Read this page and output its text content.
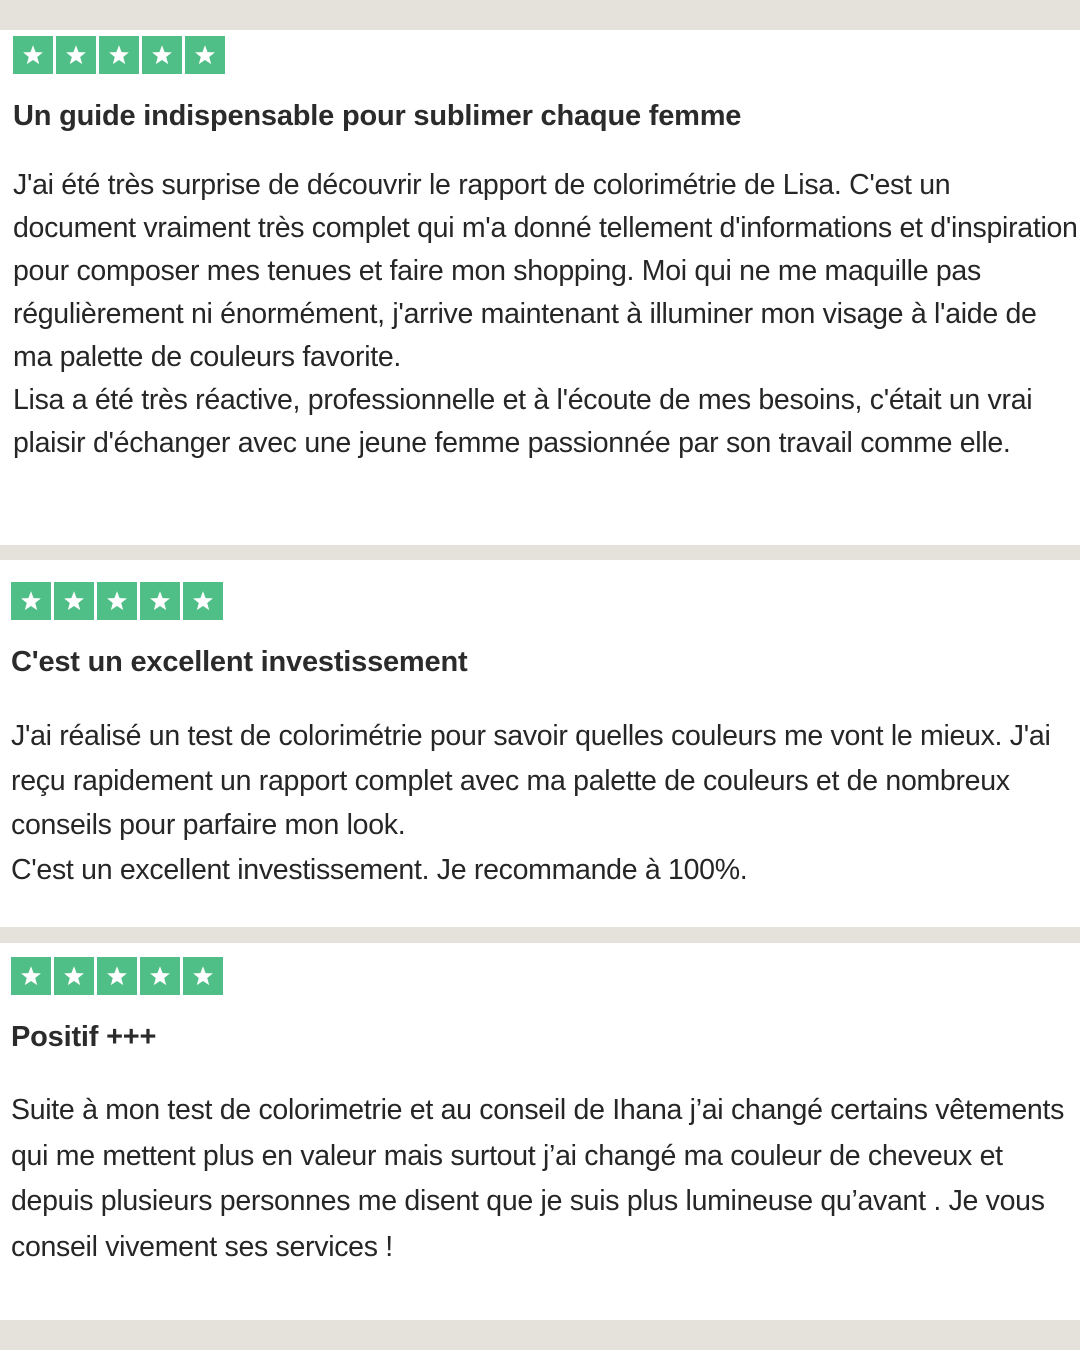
Un guide indispensable pour sublimer chaque femme

J'ai été très surprise de découvrir le rapport de colorimétrie de Lisa. C'est un document vraiment très complet qui m'a donné tellement d'informations et d'inspiration pour composer mes tenues et faire mon shopping. Moi qui ne me maquille pas régulièrement ni énormément, j'arrive maintenant à illuminer mon visage à l'aide de ma palette de couleurs favorite.

Lisa a été très réactive, professionnelle et à l'écoute de mes besoins, c'était un vrai plaisir d'échanger avec une jeune femme passionnée par son travail comme elle.

C'est un excellent investissement

J'ai réalisé un test de colorimétrie pour savoir quelles couleurs me vont le mieux. J'ai reçu rapidement un rapport complet avec ma palette de couleurs et de nombreux conseils pour parfaire mon look.

C'est un excellent investissement. Je recommande à 100%.

Positif +++

Suite à mon test de colorimetrie et au conseil de Ihana j’ai changé certains vêtements qui me mettent plus en valeur mais surtout j’ai changé ma couleur de cheveux et depuis plusieurs personnes me disent que je suis plus lumineuse qu’avant . Je vous conseil vivement ses services !
